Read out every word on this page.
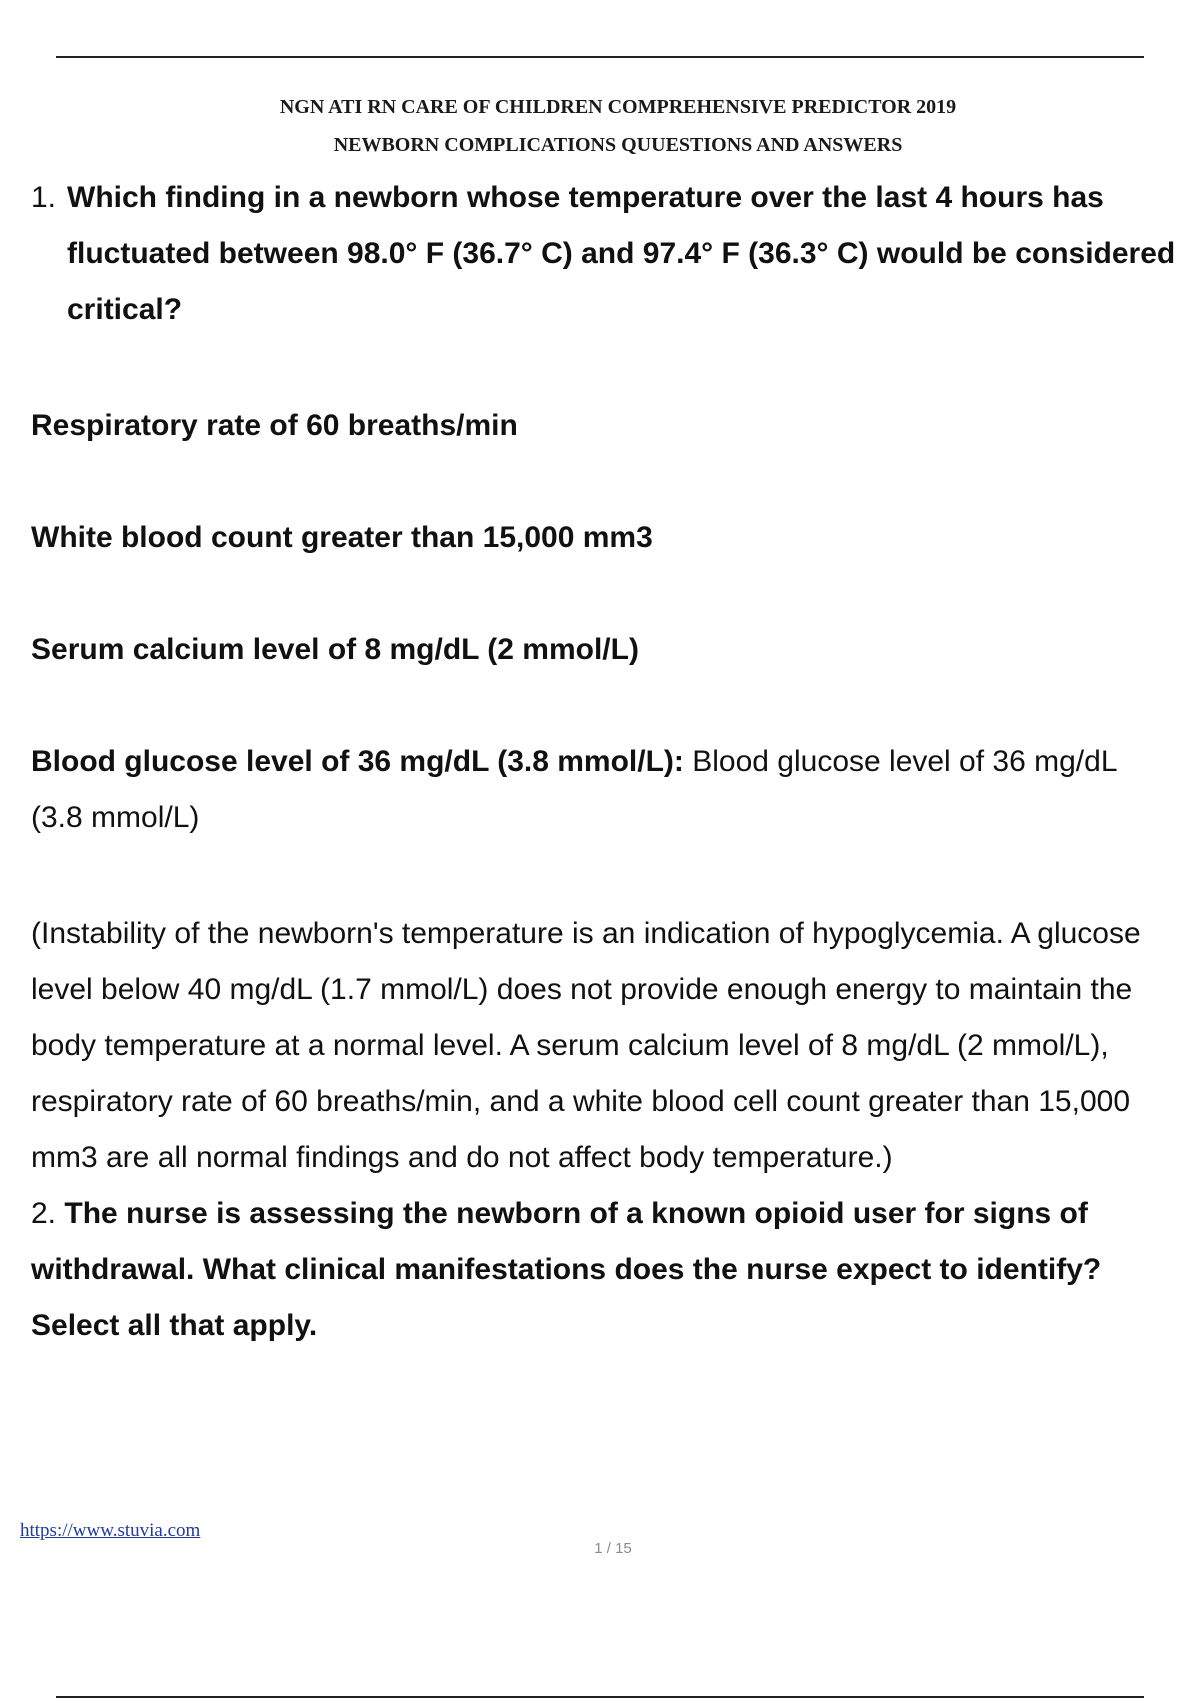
NGN ATI RN CARE OF CHILDREN COMPREHENSIVE PREDICTOR 2019
NEWBORN COMPLICATIONS QUUESTIONS AND ANSWERS
1. Which finding in a newborn whose temperature over the last 4 hours has fluctuated between 98.0° F (36.7° C) and 97.4° F (36.3° C) would be considered critical?
Respiratory rate of 60 breaths/min
White blood count greater than 15,000 mm3
Serum calcium level of 8 mg/dL (2 mmol/L)
Blood glucose level of 36 mg/dL (3.8 mmol/L): Blood glucose level of 36 mg/dL
(3.8 mmol/L)
(Instability of the newborn's temperature is an indication of hypoglycemia. A glucose
level below 40 mg/dL (1.7 mmol/L) does not provide enough energy to maintain the
body temperature at a normal level. A serum calcium level of 8 mg/dL (2 mmol/L),
respiratory rate of 60 breaths/min, and a white blood cell count greater than 15,000
mm3 are all normal findings and do not affect body temperature.)
2. The nurse is assessing the newborn of a known opioid user for signs of withdrawal. What clinical manifestations does the nurse expect to identify? Select all that apply.
https://www.stuvia.com
1 / 15
